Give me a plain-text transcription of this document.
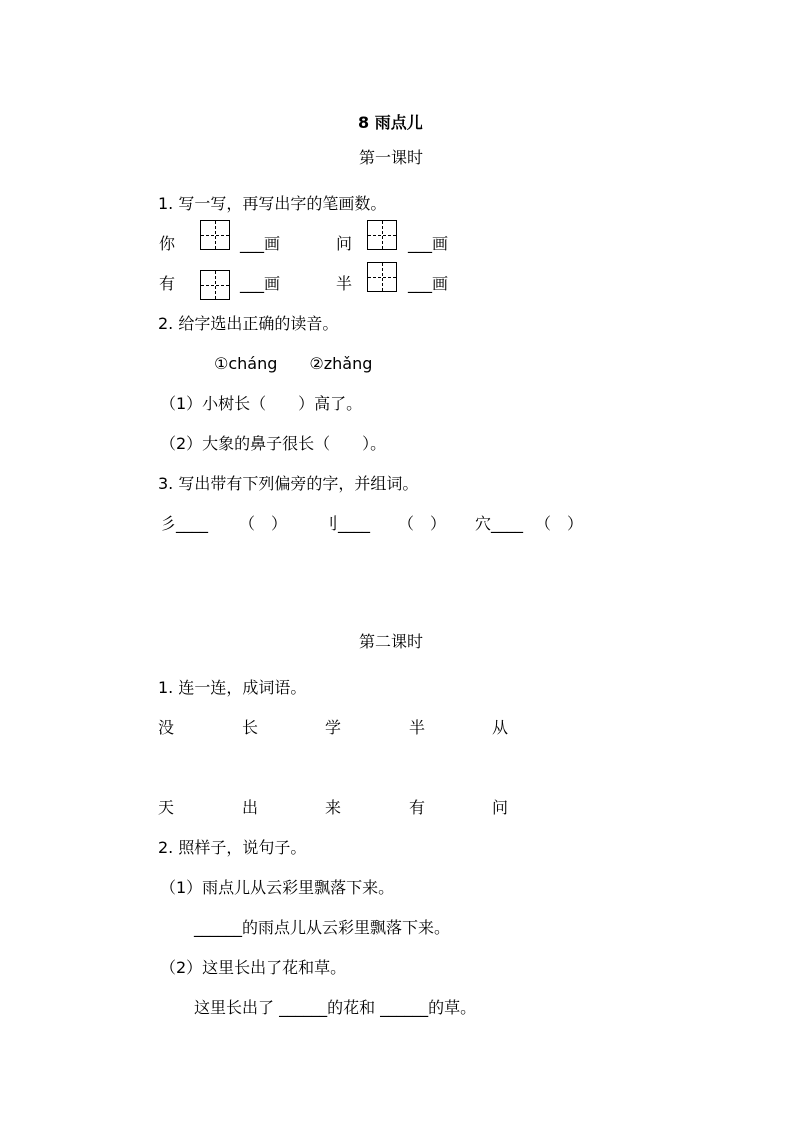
8 雨点儿
第一课时
1. 写一写，再写出字的笔画数。
你	___画	问	___画
有	___画	半	___画
2. 给字选出正确的读音。
①cháng　　②zhǎng
（1）小树长（　　）高了。
（2）大象的鼻子很长（　　）。
3. 写出带有下列偏旁的字，并组词。
彡____ （　） 刂____ （　） 穴____ （　）
第二课时
1. 连一连，成词语。
没	长	学	半	从
天	出	来	有	问
2. 照样子，说句子。
（1）雨点儿从云彩里飘落下来。
______的雨点儿从云彩里飘落下来。
（2）这里长出了花和草。
这里长出了 ______的花和 ______的草。
